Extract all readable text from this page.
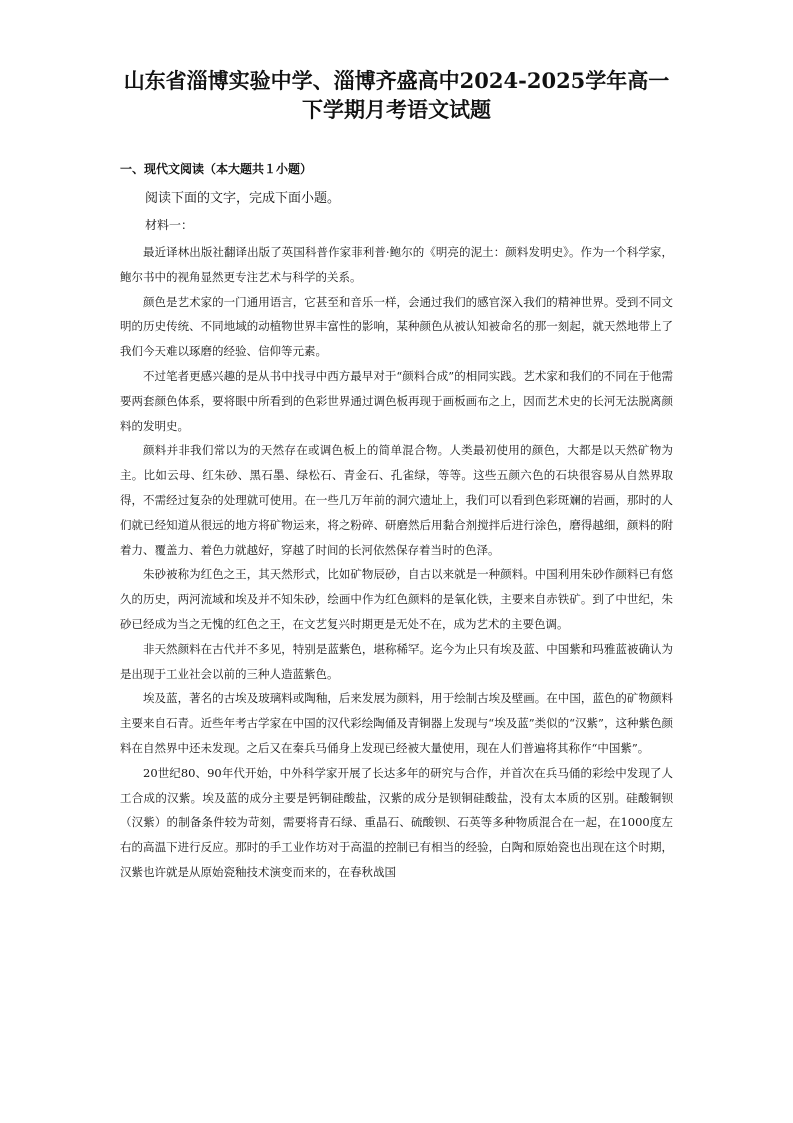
山东省淄博实验中学、淄博齐盛高中2024-2025学年高一
下学期月考语文试题

一、现代文阅读（本大题共１小题）

阅读下面的文字，完成下面小题。

材料一：

最近译林出版社翻译出版了英国科普作家菲利普·鲍尔的《明亮的泥土：颜料发明史》。作为一个科学家，鲍尔书中的视角显然更专注艺术与科学的关系。

颜色是艺术家的一门通用语言，它甚至和音乐一样，会通过我们的感官深入我们的精神世界。受到不同文明的历史传统、不同地域的动植物世界丰富性的影响，某种颜色从被认知被命名的那一刻起，就天然地带上了我们今天难以琢磨的经验、信仰等元素。

不过笔者更感兴趣的是从书中找寻中西方最早对于“颜料合成”的相同实践。艺术家和我们的不同在于他需要两套颜色体系，要将眼中所看到的色彩世界通过调色板再现于画板画布之上，因而艺术史的长河无法脱离颜料的发明史。

颜料并非我们常以为的天然存在或调色板上的简单混合物。人类最初使用的颜色，大都是以天然矿物为主。比如云母、红朱砂、黑石墨、绿松石、青金石、孔雀绿，等等。这些五颜六色的石块很容易从自然界取得，不需经过复杂的处理就可使用。在一些几万年前的洞穴遗址上，我们可以看到色彩斑斓的岩画，那时的人们就已经知道从很远的地方将矿物运来，将之粉碎、研磨然后用黏合剂搅拌后进行涂色，磨得越细，颜料的附着力、覆盖力、着色力就越好，穿越了时间的长河依然保存着当时的色泽。

朱砂被称为红色之王，其天然形式，比如矿物辰砂，自古以来就是一种颜料。中国利用朱砂作颜料已有悠久的历史，两河流域和埃及并不知朱砂，绘画中作为红色颜料的是氧化铁，主要来自赤铁矿。到了中世纪，朱砂已经成为当之无愧的红色之王，在文艺复兴时期更是无处不在，成为艺术的主要色调。

非天然颜料在古代并不多见，特别是蓝紫色，堪称稀罕。迄今为止只有埃及蓝、中国紫和玛雅蓝被确认为是出现于工业社会以前的三种人造蓝紫色。

埃及蓝，著名的古埃及玻璃料或陶釉，后来发展为颜料，用于绘制古埃及壁画。在中国，蓝色的矿物颜料主要来自石青。近些年考古学家在中国的汉代彩绘陶俑及青铜器上发现与“埃及蓝”类似的“汉紫”，这种紫色颜料在自然界中还未发现。之后又在秦兵马俑身上发现已经被大量使用，现在人们普遍将其称作“中国紫”。

20世纪80、90年代开始，中外科学家开展了长达多年的研究与合作，并首次在兵马俑的彩绘中发现了人工合成的汉紫。埃及蓝的成分主要是钙铜硅酸盐，汉紫的成分是钡铜硅酸盐，没有太本质的区别。硅酸铜钡（汉紫）的制备条件较为苛刻，需要将青石绿、重晶石、硫酸钡、石英等多种物质混合在一起，在1000度左右的高温下进行反应。那时的手工业作坊对于高温的控制已有相当的经验，白陶和原始瓷也出现在这个时期，汉紫也许就是从原始瓷釉技术演变而来的，在春秋战国
